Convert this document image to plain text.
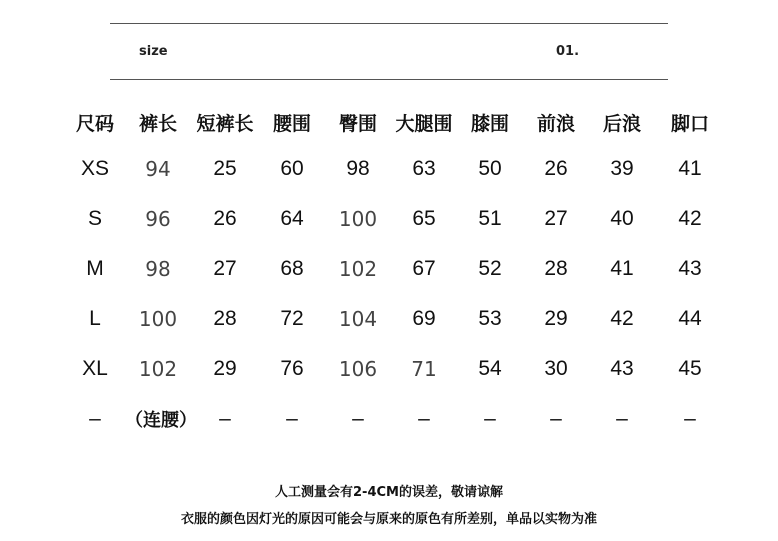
size	01.
尺码	裤长	短裤长	腰围	臀围	大腿围	膝围	前浪	后浪	脚口
XS	94	25	60	98	63	50	26	39	41
S	96	26	64	100	65	51	27	40	42
M	98	27	68	102	67	52	28	41	43
L	100	28	72	104	69	53	29	42	44
XL	102	29	76	106	71	54	30	43	45
–	（连腰）	–	–	–	–	–	–	–	–
人工测量会有2-4CM的误差，敬请谅解
衣服的颜色因灯光的原因可能会与原来的原色有所差别，单品以实物为准
